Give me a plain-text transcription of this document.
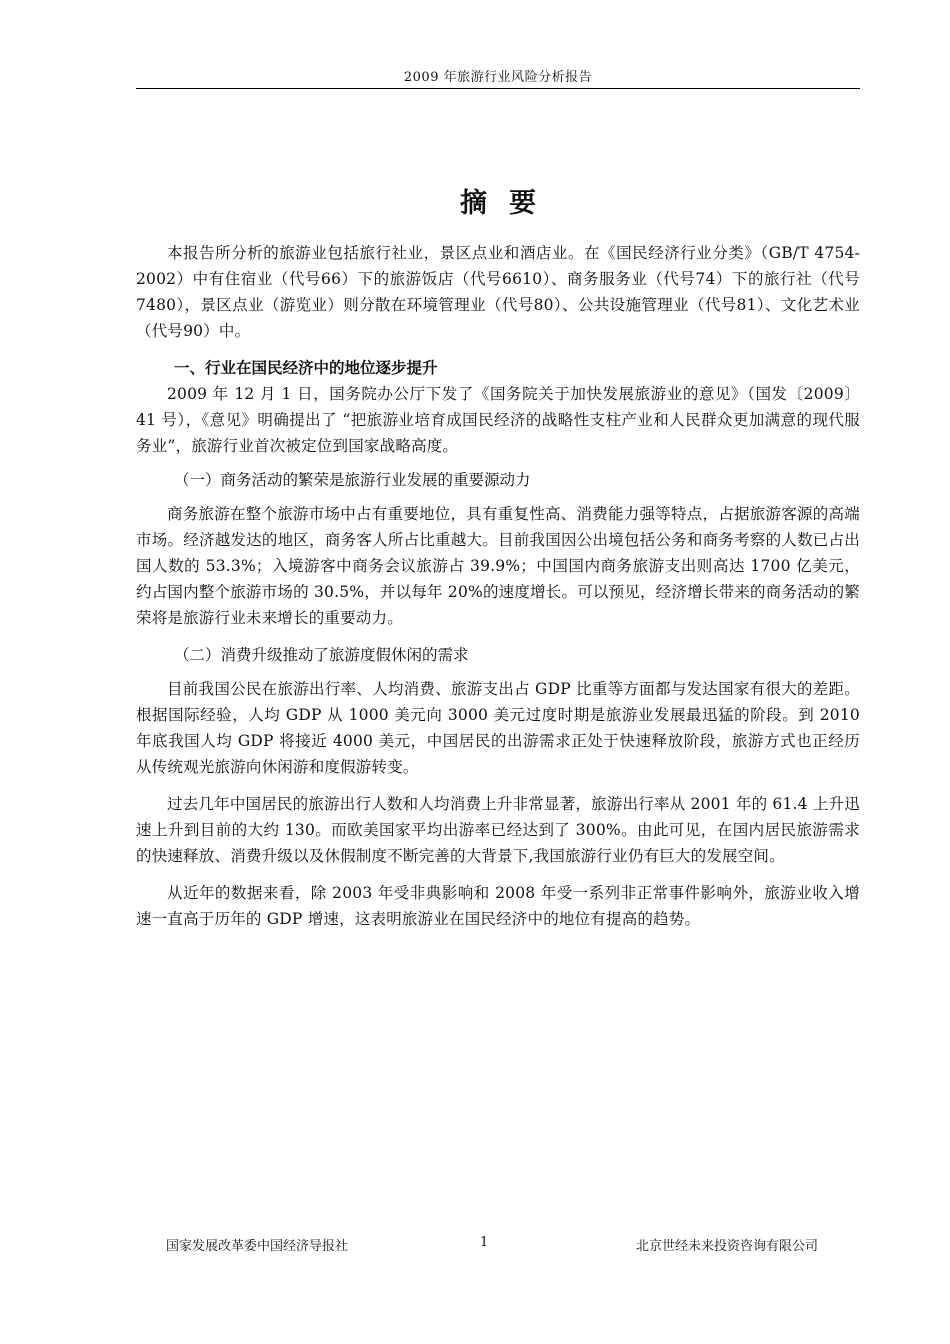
2009 年旅游行业风险分析报告
摘要

本报告所分析的旅游业包括旅行社业，景区点业和酒店业。在《国民经济行业分类》（GB/T 4754-2002）中有住宿业（代号66）下的旅游饭店（代号6610）、商务服务业（代号74）下的旅行社（代号7480），景区点业（游览业）则分散在环境管理业（代号80）、公共设施管理业（代号81）、文化艺术业（代号90）中。

一、行业在国民经济中的地位逐步提升

2009 年 12 月 1 日，国务院办公厅下发了《国务院关于加快发展旅游业的意见》（国发〔2009〕41 号），《意见》明确提出了 “把旅游业培育成国民经济的战略性支柱产业和人民群众更加满意的现代服务业”，旅游行业首次被定位到国家战略高度。

（一）商务活动的繁荣是旅游行业发展的重要源动力

商务旅游在整个旅游市场中占有重要地位，具有重复性高、消费能力强等特点，占据旅游客源的高端市场。经济越发达的地区，商务客人所占比重越大。目前我国因公出境包括公务和商务考察的人数已占出国人数的 53.3%；入境游客中商务会议旅游占 39.9%；中国国内商务旅游支出则高达 1700 亿美元，约占国内整个旅游市场的 30.5%，并以每年 20%的速度增长。可以预见，经济增长带来的商务活动的繁荣将是旅游行业未来增长的重要动力。

（二）消费升级推动了旅游度假休闲的需求

目前我国公民在旅游出行率、人均消费、旅游支出占 GDP 比重等方面都与发达国家有很大的差距。根据国际经验，人均 GDP 从 1000 美元向 3000 美元过度时期是旅游业发展最迅猛的阶段。到 2010 年底我国人均 GDP 将接近 4000 美元，中国居民的出游需求正处于快速释放阶段，旅游方式也正经历从传统观光旅游向休闲游和度假游转变。

过去几年中国居民的旅游出行人数和人均消费上升非常显著，旅游出行率从 2001 年的 61.4 上升迅速上升到目前的大约 130。而欧美国家平均出游率已经达到了 300%。由此可见，在国内居民旅游需求的快速释放、消费升级以及休假制度不断完善的大背景下,我国旅游行业仍有巨大的发展空间。

从近年的数据来看，除 2003 年受非典影响和 2008 年受一系列非正常事件影响外，旅游业收入增速一直高于历年的 GDP 增速，这表明旅游业在国民经济中的地位有提高的趋势。

国家发展改革委中国经济导报社	1	北京世经未来投资咨询有限公司
